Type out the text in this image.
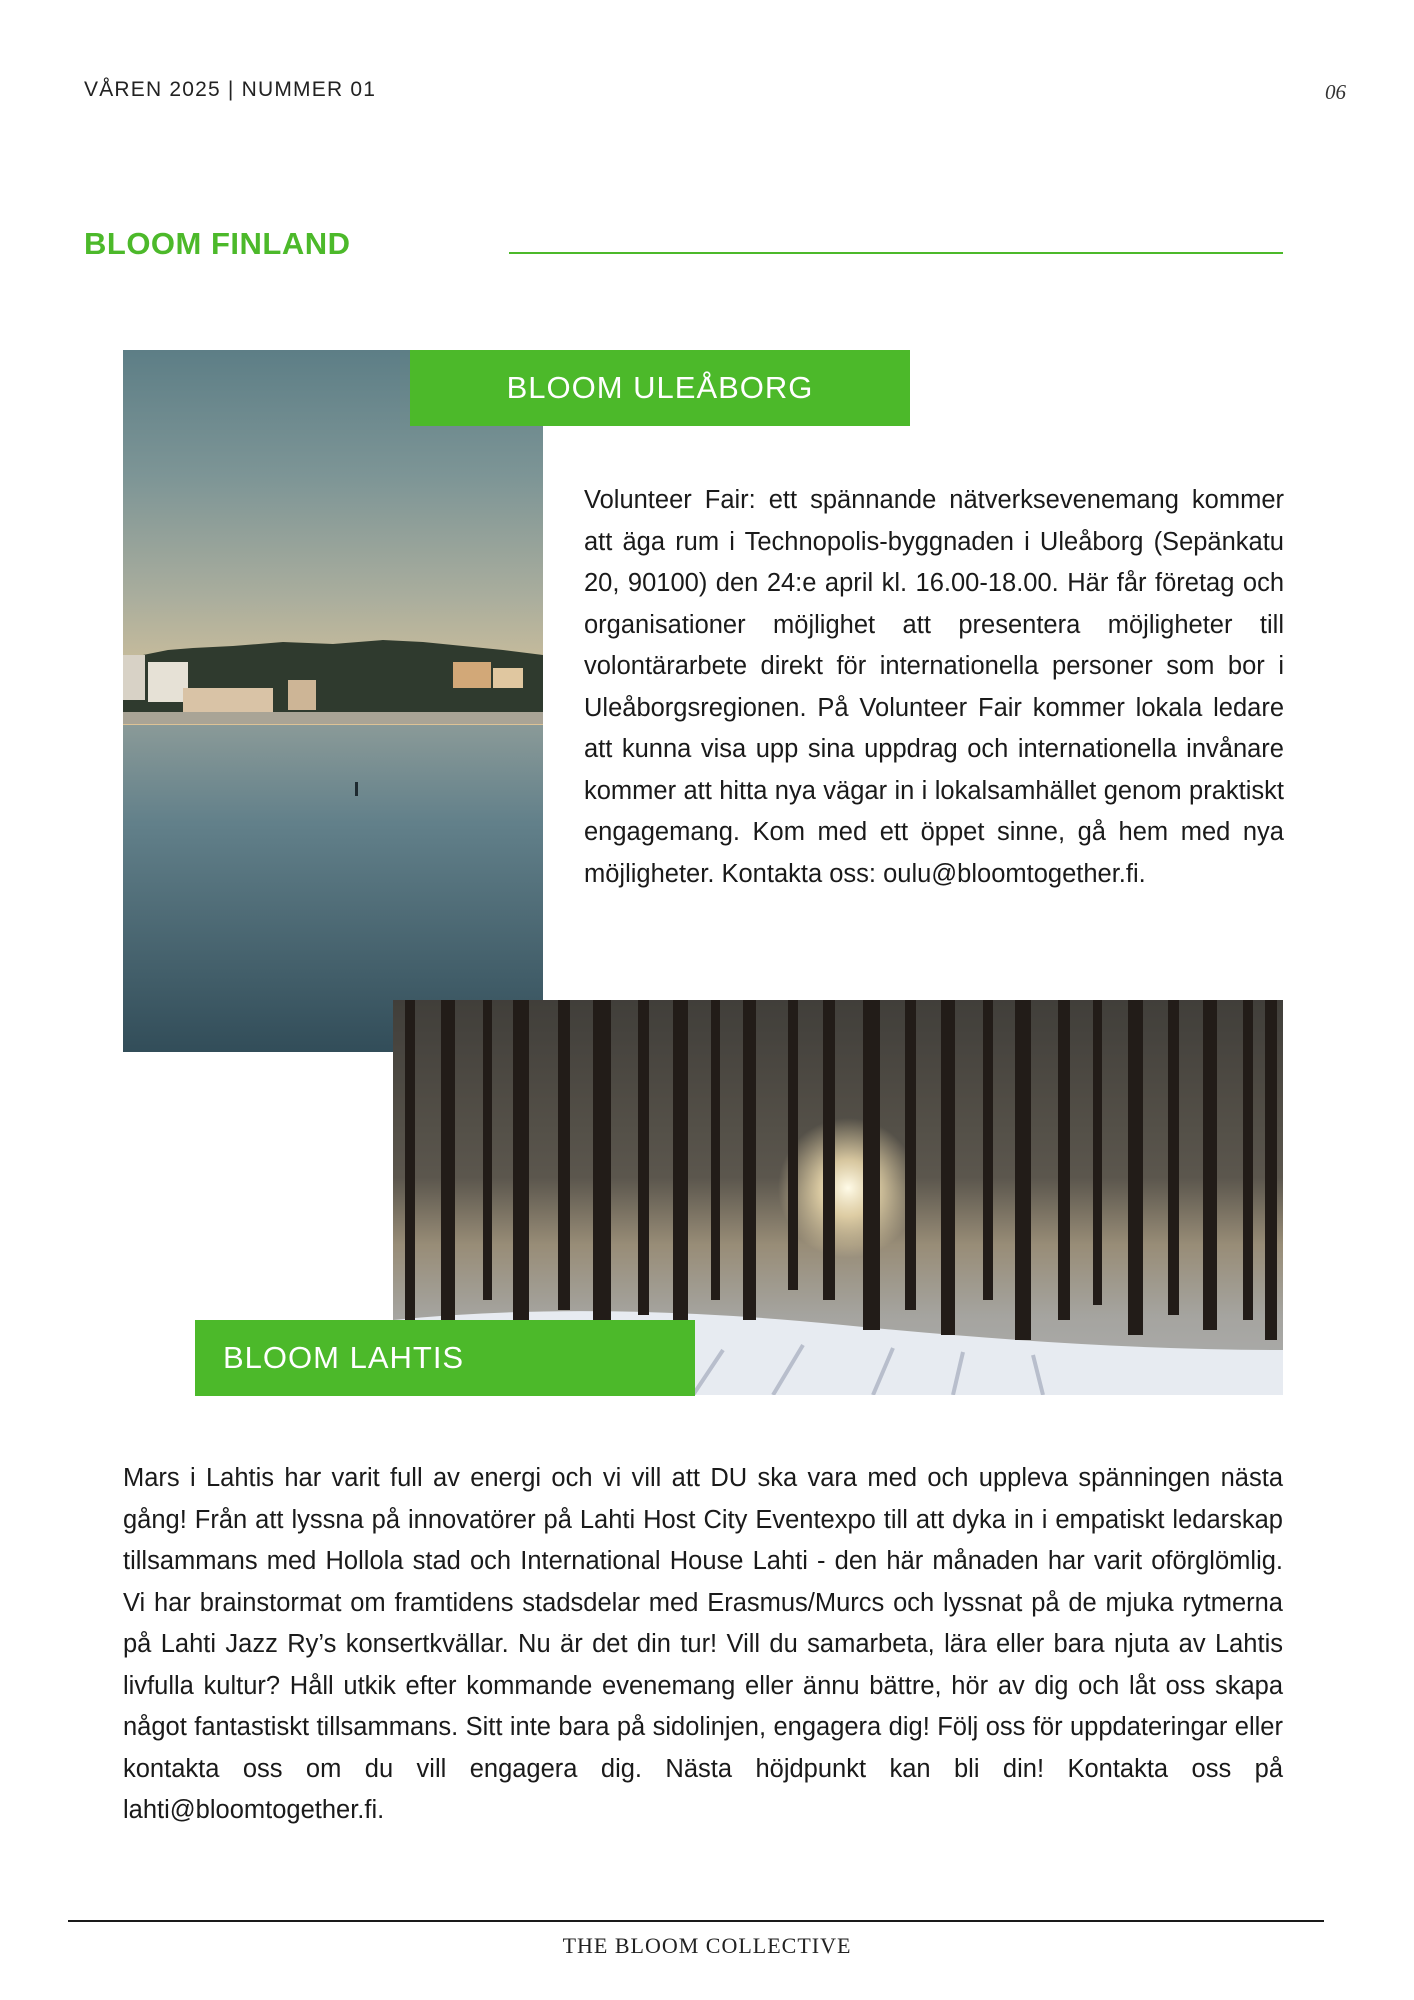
VÅREN 2025 | NUMMER 01	06
BLOOM FINLAND
BLOOM ULEÅBORG
Volunteer Fair: ett spännande nätverksevenemang kommer att äga rum i Technopolis-byggnaden i Uleåborg (Sepänkatu 20, 90100) den 24:e april kl. 16.00-18.00. Här får företag och organisationer möjlighet att presentera möjligheter till volontärarbete direkt för internationella personer som bor i Uleåborgsregionen. På Volunteer Fair kommer lokala ledare att kunna visa upp sina uppdrag och internationella invånare kommer att hitta nya vägar in i lokalsamhället genom praktiskt engagemang. Kom med ett öppet sinne, gå hem med nya möjligheter. Kontakta oss: oulu@bloomtogether.fi.
BLOOM LAHTIS
Mars i Lahtis har varit full av energi och vi vill att DU ska vara med och uppleva spänningen nästa gång! Från att lyssna på innovatörer på Lahti Host City Eventexpo till att dyka in i empatiskt ledarskap tillsammans med Hollola stad och International House Lahti - den här månaden har varit oförglömlig. Vi har brainstormat om framtidens stadsdelar med Erasmus/Murcs och lyssnat på de mjuka rytmerna på Lahti Jazz Ry’s konsertkvällar. Nu är det din tur! Vill du samarbeta, lära eller bara njuta av Lahtis livfulla kultur? Håll utkik efter kommande evenemang eller ännu bättre, hör av dig och låt oss skapa något fantastiskt tillsammans. Sitt inte bara på sidolinjen, engagera dig! Följ oss för uppdateringar eller kontakta oss om du vill engagera dig. Nästa höjdpunkt kan bli din! Kontakta oss på lahti@bloomtogether.fi.
THE BLOOM COLLECTIVE
